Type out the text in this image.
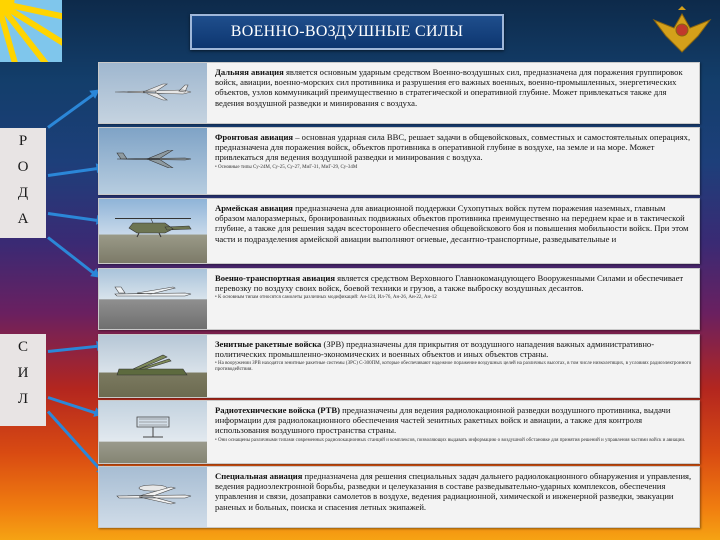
ВОЕННО-ВОЗДУШНЫЕ СИЛЫ
Р
О
Д
А
С
И
Л
Дальняя авиация является основным ударным средством Военно-воздушных сил, предназначена для поражения группировок войск, авиации, военно-морских сил противника и разрушения его важных военных, военно-промышленных, энергетических объектов, узлов коммуникаций преимущественно в стратегической и оперативной глубине. Может привлекаться также для ведения воздушной разведки и минирования с воздуха.
Фронтовая авиация – основная ударная сила ВВС, решает задачи в общевойсковых, совместных и самостоятельных операциях, предназначена для поражения войск, объектов противника в оперативной глубине в воздухе, на земле и на море. Может привлекаться для ведения воздушной разведки и минирования с воздуха.
• Основные типы Су-24М, Су-25, Су-27, МиГ-31, МиГ-29, Су-34М
Армейская авиация предназначена для авиационной поддержки Сухопутных войск путем поражения наземных, главным образом малоразмерных, бронированных подвижных объектов противника преимущественно на переднем крае и в тактической глубине, а также для решения задач всестороннего обеспечения общевойскового боя и повышения мобильности войск. При этом части и подразделения армейской авиации выполняют огневые, десантно-транспортные, разведывательные и
Военно-транспортная авиация является средством Верховного Главнокомандующего Вооруженными Силами и обеспечивает перевозку по воздуху своих войск, боевой техники и грузов, а также выброску воздушных десантов.
• К основным типам относятся самолеты различных модификаций: Ан-124, Ил-76, Ан-26, Ан-22, Ан-12
Зенитные ракетные войска (ЗРВ) предназначены для прикрытия от воздушного нападения важных административно-политических промышленно-экономических и военных объектов и иных объектов страны.
• На вооружении ЗРВ находятся зенитные ракетные системы (ЗРС) С-300ПМ, которые обеспечивают надежное поражение воздушных целей на различных высотах, в том числе низколетящих, в условиях радиоэлектронного противодействия.
Радиотехнические войска (РТВ) предназначены для ведения радиолокационной разведки воздушного противника, выдачи информации для радиолокационного обеспечения частей зенитных ракетных войск и авиации, а также для контроля использования воздушного пространства страны.
• Они оснащены различными типами современных радиолокационных станций и комплексов, позволяющих выдавать информацию о воздушной обстановке для принятия решений и управления частями войск и авиации.
Специальная авиация предназначена для решения специальных задач дальнего радиолокационного обнаружения и управления, ведения радиоэлектронной борьбы, разведки и целеуказания в составе разведывательно-ударных комплексов, обеспечения управления и связи, дозаправки самолетов в воздухе, ведения радиационной, химической и инженерной разведки, эвакуации раненых и больных, поиска и спасения летных экипажей.
